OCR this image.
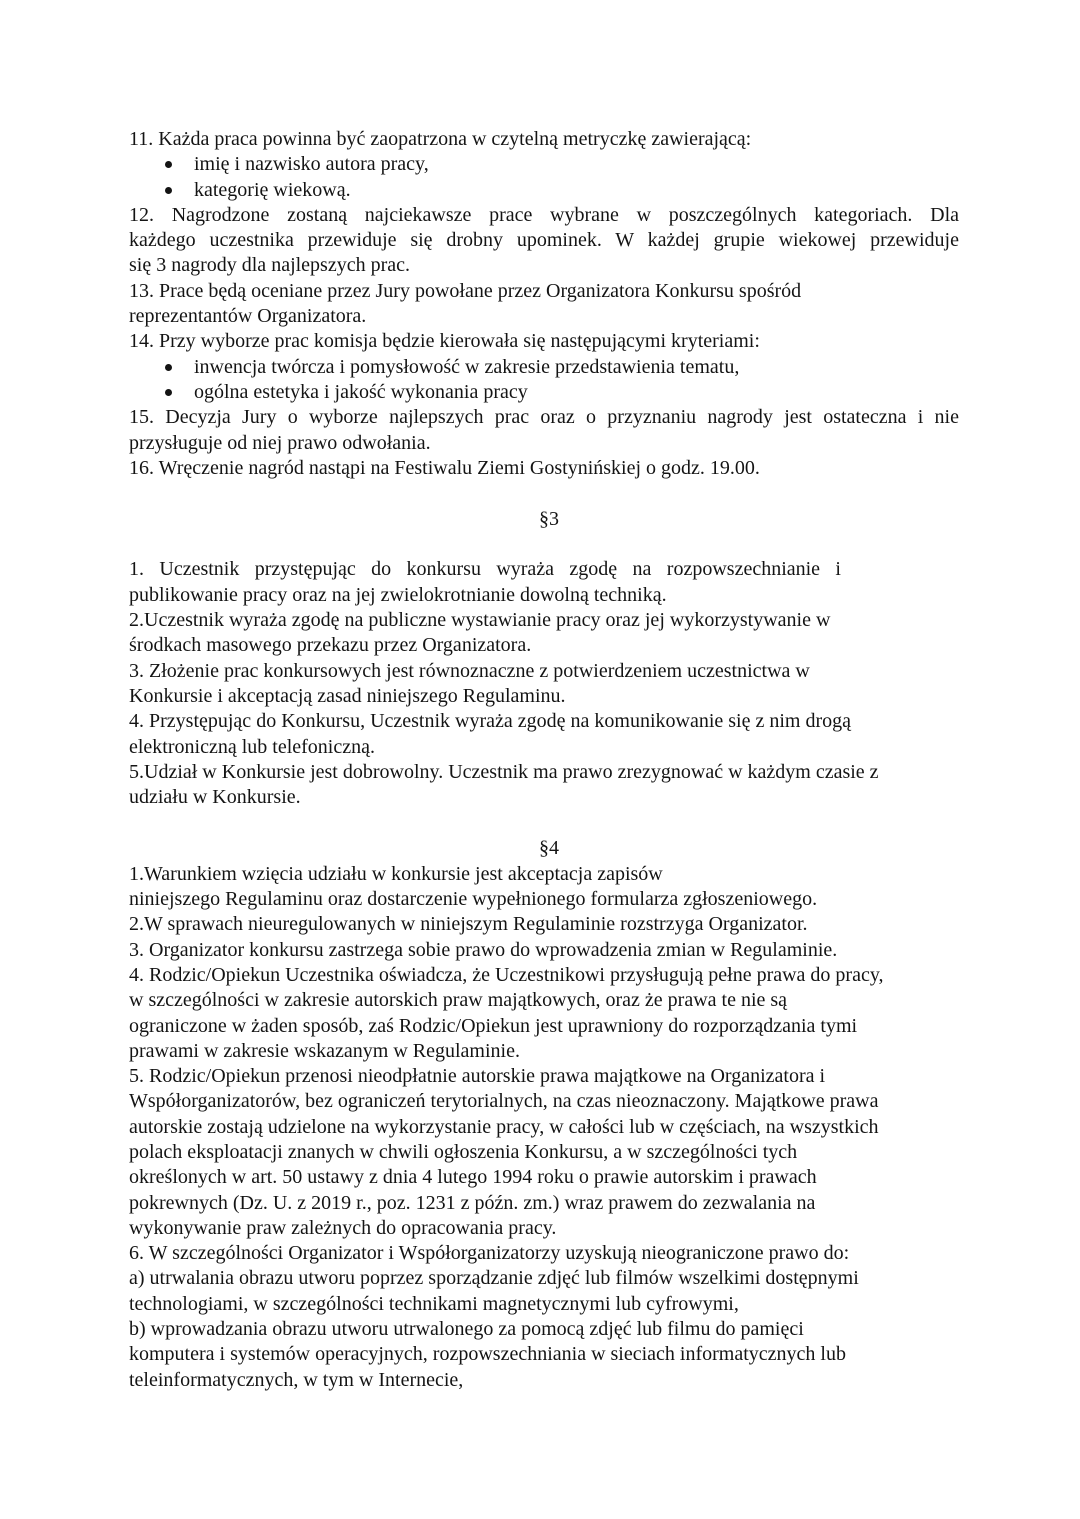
11. Każda praca powinna być zaopatrzona w czytelną metryczkę zawierającą:
imię i nazwisko autora pracy,
kategorię wiekową.
12. Nagrodzone zostaną najciekawsze prace wybrane w poszczególnych kategoriach. Dla
każdego uczestnika przewiduje się drobny upominek. W każdej grupie wiekowej przewiduje
się 3 nagrody dla najlepszych prac.
13. Prace będą oceniane przez Jury powołane przez Organizatora Konkursu spośród
reprezentantów Organizatora.
14. Przy wyborze prac komisja będzie kierowała się następującymi kryteriami:
inwencja twórcza i pomysłowość w zakresie przedstawienia tematu,
ogólna estetyka i jakość wykonania pracy
15. Decyzja Jury o wyborze najlepszych prac oraz o przyznaniu nagrody jest ostateczna i nie
przysługuje od niej prawo odwołania.
16. Wręczenie nagród nastąpi na Festiwalu Ziemi Gostynińskiej o godz. 19.00.
§3
1. Uczestnik przystępując do konkursu wyraża zgodę na rozpowszechnianie i
publikowanie pracy oraz na jej zwielokrotnianie dowolną techniką.
2.Uczestnik wyraża zgodę na publiczne wystawianie pracy oraz jej wykorzystywanie w
środkach masowego przekazu przez Organizatora.
3. Złożenie prac konkursowych jest równoznaczne z potwierdzeniem uczestnictwa w
Konkursie i akceptacją zasad niniejszego Regulaminu.
4. Przystępując do Konkursu, Uczestnik wyraża zgodę na komunikowanie się z nim drogą
elektroniczną lub telefoniczną.
5.Udział w Konkursie jest dobrowolny. Uczestnik ma prawo zrezygnować w każdym czasie z
udziału w Konkursie.
§4
1.Warunkiem wzięcia udziału w konkursie jest akceptacja zapisów
niniejszego Regulaminu oraz dostarczenie wypełnionego formularza zgłoszeniowego.
2.W sprawach nieuregulowanych w niniejszym Regulaminie rozstrzyga Organizator.
3. Organizator konkursu zastrzega sobie prawo do wprowadzenia zmian w Regulaminie.
4. Rodzic/Opiekun Uczestnika oświadcza, że Uczestnikowi przysługują pełne prawa do pracy,
w szczególności w zakresie autorskich praw majątkowych, oraz że prawa te nie są
ograniczone w żaden sposób, zaś Rodzic/Opiekun jest uprawniony do rozporządzania tymi
prawami w zakresie wskazanym w Regulaminie.
5. Rodzic/Opiekun przenosi nieodpłatnie autorskie prawa majątkowe na Organizatora i
Współorganizatorów, bez ograniczeń terytorialnych, na czas nieoznaczony. Majątkowe prawa
autorskie zostają udzielone na wykorzystanie pracy, w całości lub w częściach, na wszystkich
polach eksploatacji znanych w chwili ogłoszenia Konkursu, a w szczególności tych
określonych w art. 50 ustawy z dnia 4 lutego 1994 roku o prawie autorskim i prawach
pokrewnych (Dz. U. z 2019 r., poz. 1231 z późn. zm.) wraz prawem do zezwalania na
wykonywanie praw zależnych do opracowania pracy.
6. W szczególności Organizator i Współorganizatorzy uzyskują nieograniczone prawo do:
a) utrwalania obrazu utworu poprzez sporządzanie zdjęć lub filmów wszelkimi dostępnymi
technologiami, w szczególności technikami magnetycznymi lub cyfrowymi,
b) wprowadzania obrazu utworu utrwalonego za pomocą zdjęć lub filmu do pamięci
komputera i systemów operacyjnych, rozpowszechniania w sieciach informatycznych lub
teleinformatycznych, w tym w Internecie,
